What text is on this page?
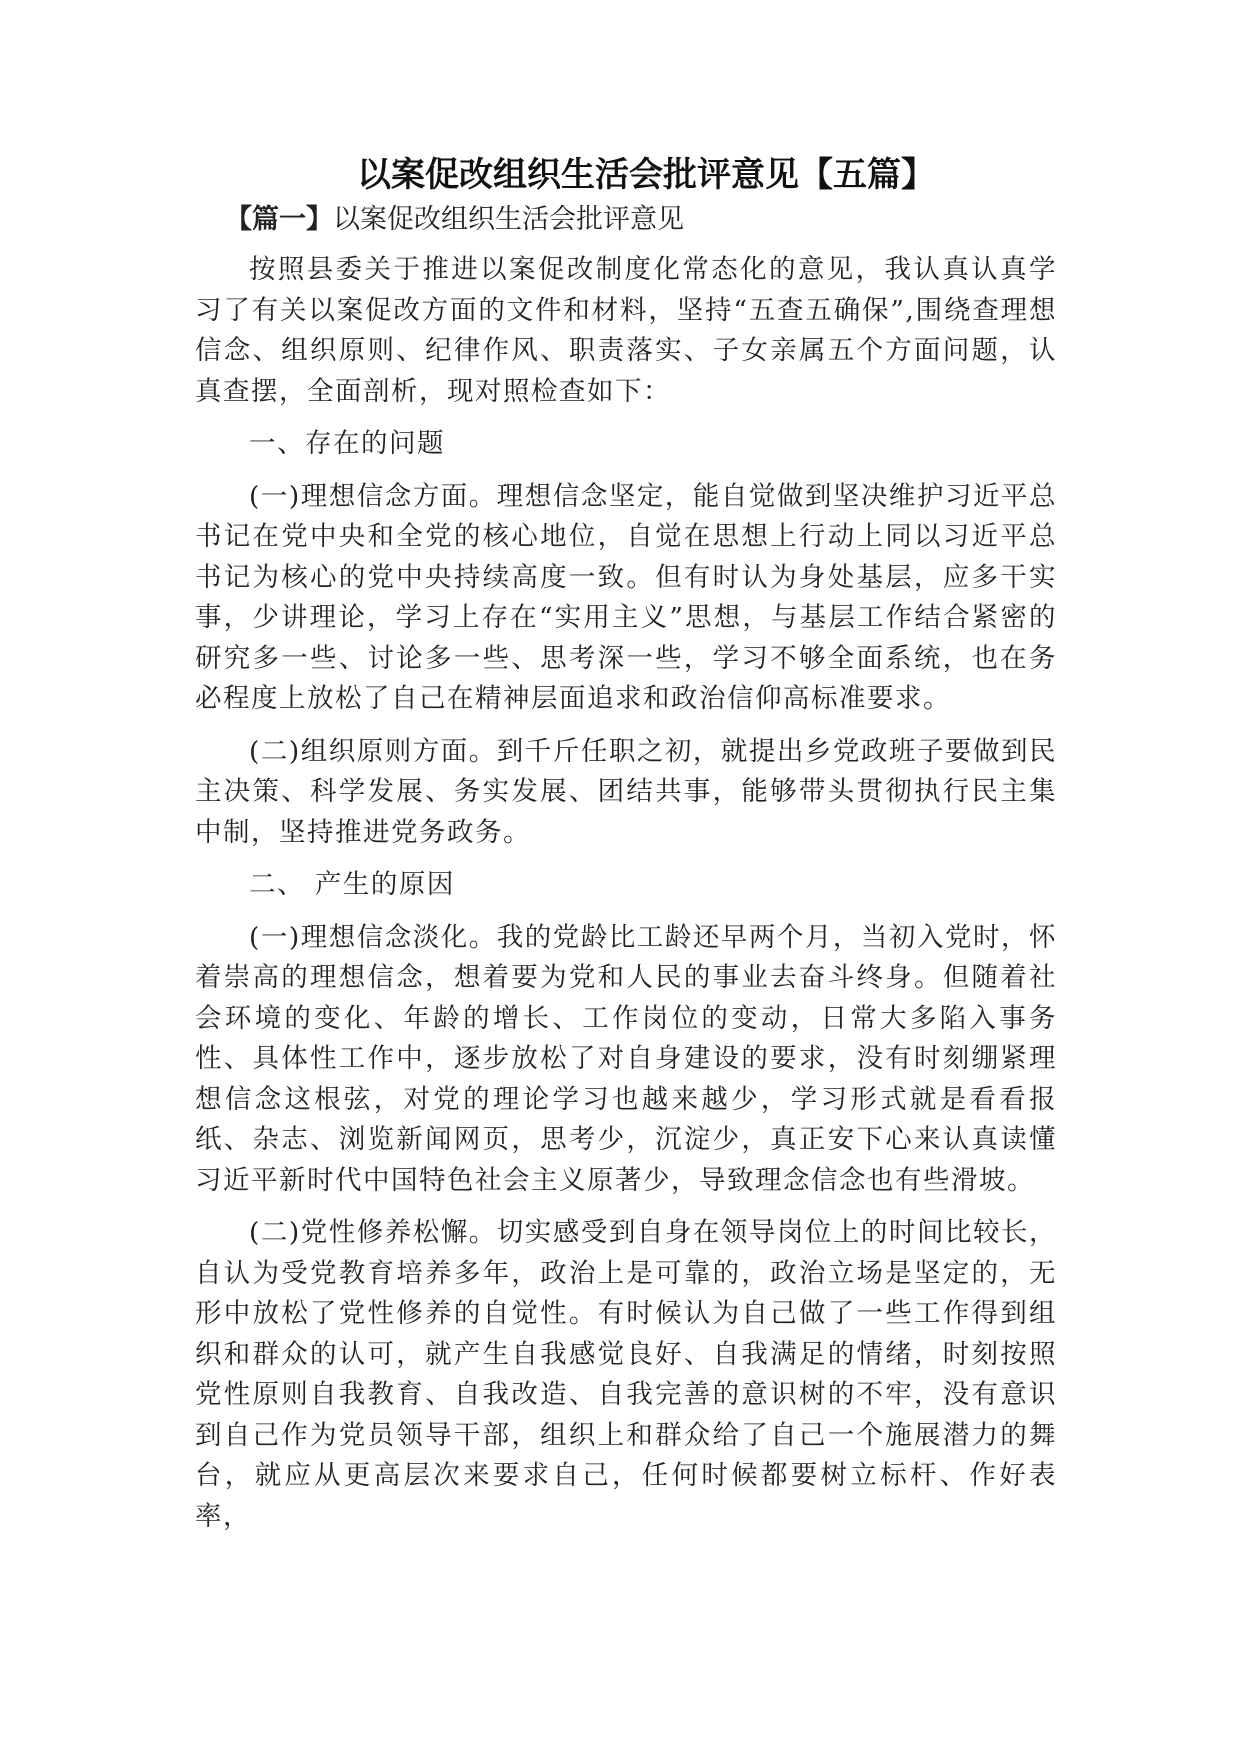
以案促改组织生活会批评意见【五篇】
【篇一】以案促改组织生活会批评意见

按照县委关于推进以案促改制度化常态化的意见，我认真认真学习了有关以案促改方面的文件和材料，坚持“五查五确保”,围绕查理想信念、组织原则、纪律作风、职责落实、子女亲属五个方面问题，认真查摆，全面剖析，现对照检查如下：

一、存在的问题

(一)理想信念方面。理想信念坚定，能自觉做到坚决维护习近平总书记在党中央和全党的核心地位，自觉在思想上行动上同以习近平总书记为核心的党中央持续高度一致。但有时认为身处基层，应多干实事，少讲理论，学习上存在“实用主义”思想，与基层工作结合紧密的研究多一些、讨论多一些、思考深一些，学习不够全面系统，也在务必程度上放松了自己在精神层面追求和政治信仰高标准要求。

(二)组织原则方面。到千斤任职之初，就提出乡党政班子要做到民主决策、科学发展、务实发展、团结共事，能够带头贯彻执行民主集中制，坚持推进党务政务。

二、 产生的原因

(一)理想信念淡化。我的党龄比工龄还早两个月，当初入党时，怀着崇高的理想信念，想着要为党和人民的事业去奋斗终身。但随着社会环境的变化、年龄的增长、工作岗位的变动，日常大多陷入事务性、具体性工作中，逐步放松了对自身建设的要求，没有时刻绷紧理想信念这根弦，对党的理论学习也越来越少，学习形式就是看看报纸、杂志、浏览新闻网页，思考少，沉淀少，真正安下心来认真读懂习近平新时代中国特色社会主义原著少，导致理念信念也有些滑坡。

(二)党性修养松懈。切实感受到自身在领导岗位上的时间比较长，自认为受党教育培养多年，政治上是可靠的，政治立场是坚定的，无形中放松了党性修养的自觉性。有时候认为自己做了一些工作得到组织和群众的认可，就产生自我感觉良好、自我满足的情绪，时刻按照党性原则自我教育、自我改造、自我完善的意识树的不牢，没有意识到自己作为党员领导干部，组织上和群众给了自己一个施展潜力的舞台，就应从更高层次来要求自己，任何时候都要树立标杆、作好表率，
